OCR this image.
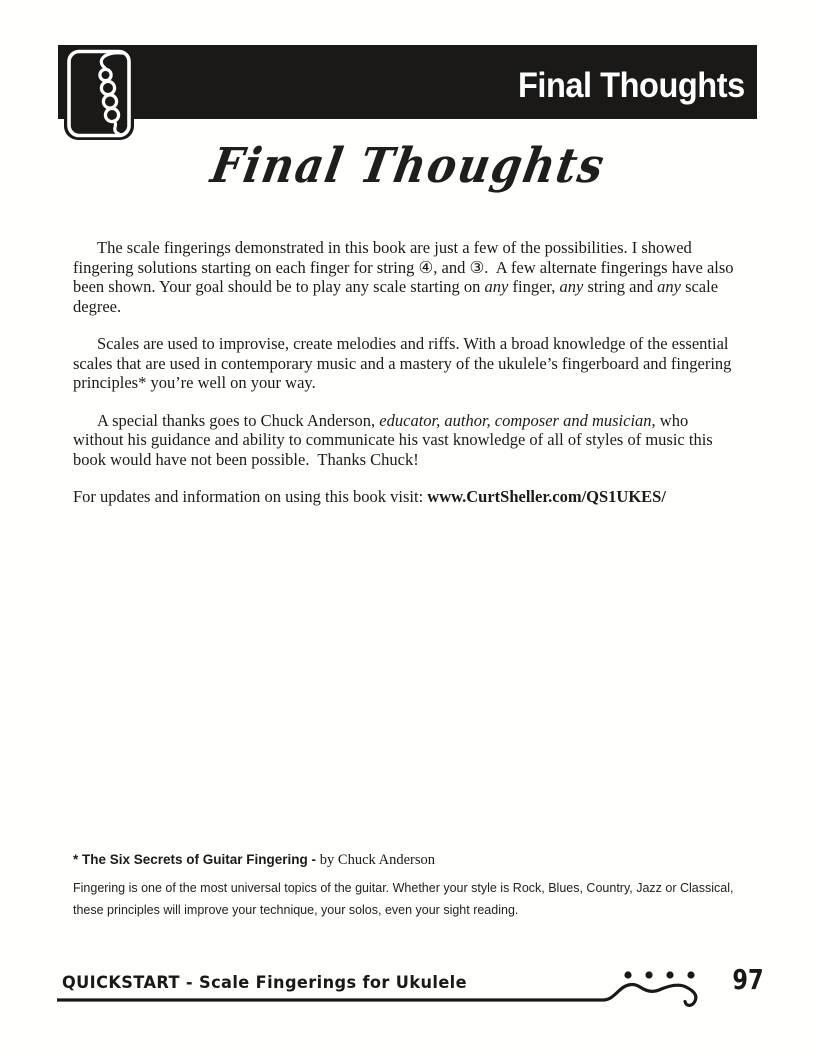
Final Thoughts
Final Thoughts

The scale fingerings demonstrated in this book are just a few of the possibilities. I showed fingering solutions starting on each finger for string ④, and ③.  A few alternate fingerings have also been shown. Your goal should be to play any scale starting on any finger, any string and any scale degree.

Scales are used to improvise, create melodies and riffs. With a broad knowledge of the essential scales that are used in contemporary music and a mastery of the ukulele’s fingerboard and fingering principles* you’re well on your way.

A special thanks goes to Chuck Anderson, educator, author, composer and musician, who without his guidance and ability to communicate his vast knowledge of all of styles of music this book would have not been possible.  Thanks Chuck!

For updates and information on using this book visit: www.CurtSheller.com/QS1UKES/

* The Six Secrets of Guitar Fingering - by Chuck Anderson
Fingering is one of the most universal topics of the guitar. Whether your style is Rock, Blues, Country, Jazz or Classical, these principles will improve your technique, your solos, even your sight reading.
QUICKSTART - Scale Fingerings for Ukulele	97
